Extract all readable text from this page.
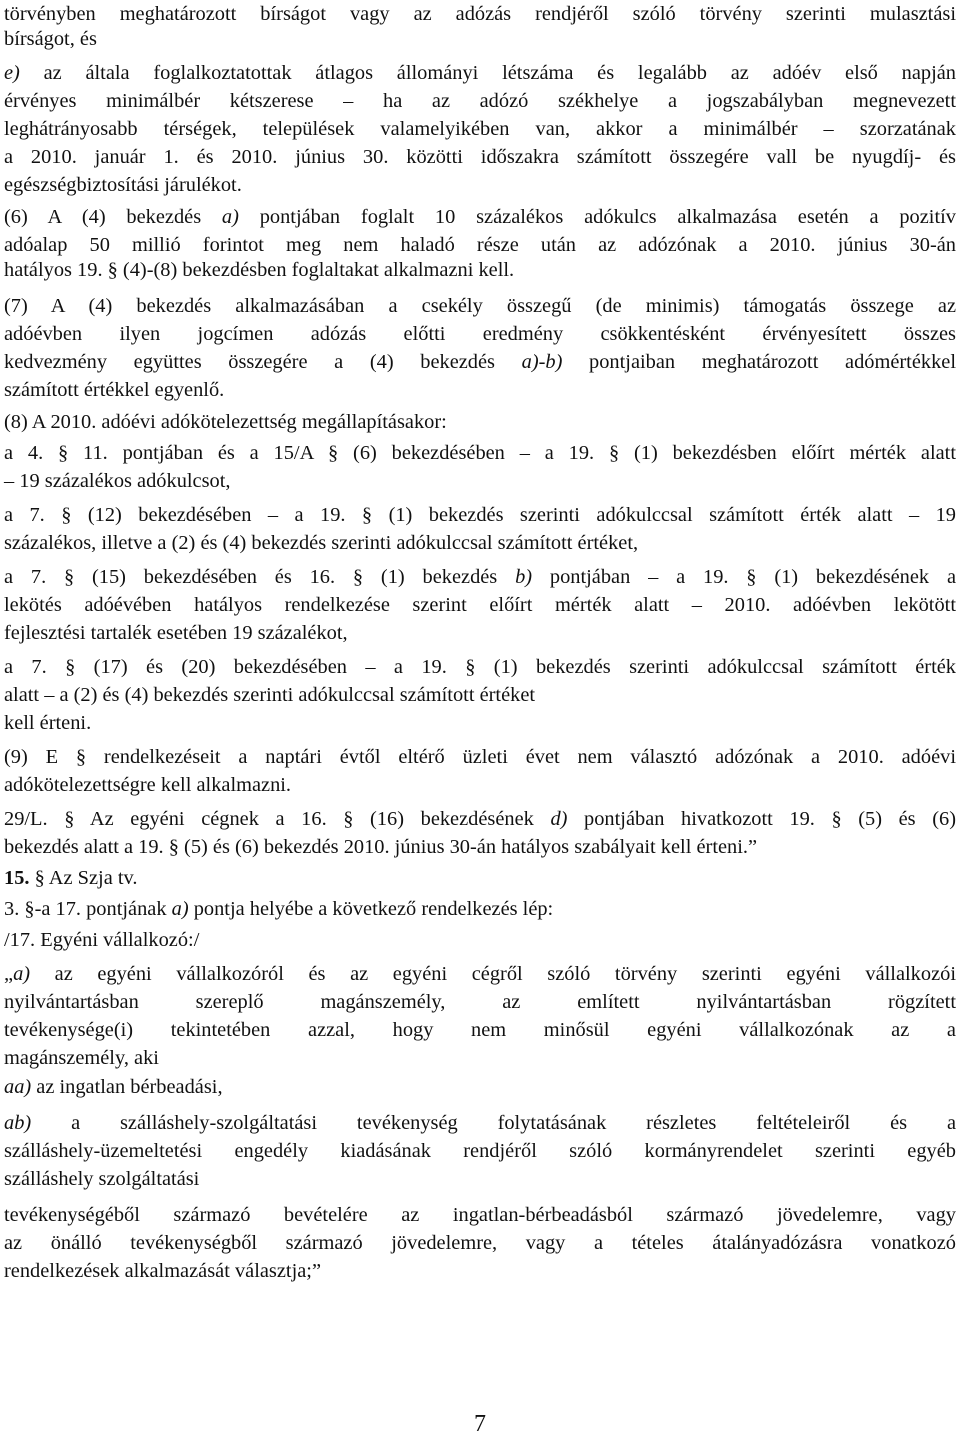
törvényben meghatározott bírságot vagy az adózás rendjéről szóló törvény szerinti mulasztási
bírságot, és
e) az általa foglalkoztatottak átlagos állományi létszáma és legalább az adóév első napján
érvényes minimálbér kétszerese – ha az adózó székhelye a jogszabályban megnevezett
leghátrányosabb térségek, települések valamelyikében van, akkor a minimálbér – szorzatának
a 2010. január 1. és 2010. június 30. közötti időszakra számított összegére vall be nyugdíj- és
egészségbiztosítási járulékot.
(6) A (4) bekezdés a) pontjában foglalt 10 százalékos adókulcs alkalmazása esetén a pozitív
adóalap 50 millió forintot meg nem haladó része után az adózónak a 2010. június 30-án
hatályos 19. § (4)-(8) bekezdésben foglaltakat alkalmazni kell.
(7) A (4) bekezdés alkalmazásában a csekély összegű (de minimis) támogatás összege az
adóévben ilyen jogcímen adózás előtti eredmény csökkentésként érvényesített összes
kedvezmény együttes összegére a (4) bekezdés a)-b) pontjaiban meghatározott adómértékkel
számított értékkel egyenlő.
(8) A 2010. adóévi adókötelezettség megállapításakor:
a 4. § 11. pontjában és a 15/A § (6) bekezdésében – a 19. § (1) bekezdésben előírt mérték alatt
– 19 százalékos adókulcsot,
a 7. § (12) bekezdésében – a 19. § (1) bekezdés szerinti adókulccsal számított érték alatt – 19
százalékos, illetve a (2) és (4) bekezdés szerinti adókulccsal számított értéket,
a 7. § (15) bekezdésében és 16. § (1) bekezdés b) pontjában – a 19. § (1) bekezdésének a
lekötés adóévében hatályos rendelkezése szerint előírt mérték alatt – 2010. adóévben lekötött
fejlesztési tartalék esetében 19 százalékot,
a 7. § (17) és (20) bekezdésében – a 19. § (1) bekezdés szerinti adókulccsal számított érték
alatt – a (2) és (4) bekezdés szerinti adókulccsal számított értéket
kell érteni.
(9) E § rendelkezéseit a naptári évtől eltérő üzleti évet nem választó adózónak a 2010. adóévi
adókötelezettségre kell alkalmazni.
29/L. § Az egyéni cégnek a 16. § (16) bekezdésének d) pontjában hivatkozott 19. § (5) és (6)
bekezdés alatt a 19. § (5) és (6) bekezdés 2010. június 30-án hatályos szabályait kell érteni.”
15. § Az Szja tv.
3. §-a 17. pontjának a) pontja helyébe a következő rendelkezés lép:
/17. Egyéni vállalkozó:/
„a) az egyéni vállalkozóról és az egyéni cégről szóló törvény szerinti egyéni vállalkozói
nyilvántartásban szereplő magánszemély, az említett nyilvántartásban rögzített
tevékenysége(i) tekintetében azzal, hogy nem minősül egyéni vállalkozónak az a
magánszemély, aki
aa) az ingatlan bérbeadási,
ab) a szálláshely-szolgáltatási tevékenység folytatásának részletes feltételeiről és a
szálláshely-üzemeltetési engedély kiadásának rendjéről szóló kormányrendelet szerinti egyéb
szálláshely szolgáltatási
tevékenységéből származó bevételére az ingatlan-bérbeadásból származó jövedelemre, vagy
az önálló tevékenységből származó jövedelemre, vagy a tételes átalányadózásra vonatkozó
rendelkezések alkalmazását választja;”
7
